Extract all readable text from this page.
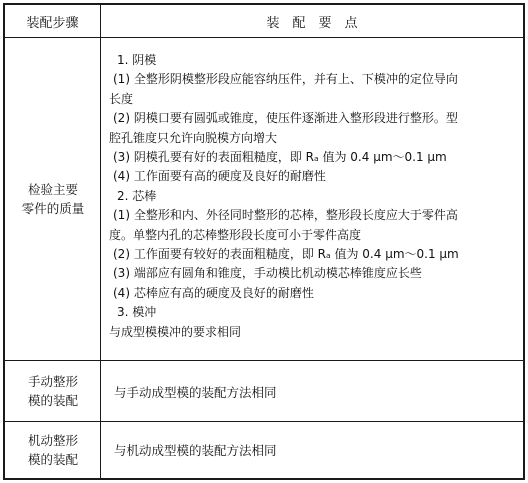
装配步骤	装　配　要　点
检验主要
零件的质量
1. 阴模
(1) 全整形阴模整形段应能容纳压件，并有上、下模冲的定位导向
长度
(2) 阴模口要有圆弧或锥度，使压件逐渐进入整形段进行整形。型
腔孔锥度只允许向脱模方向增大
(3) 阴模孔要有好的表面粗糙度，即 Rₐ 值为 0.4 μm～0.1 μm
(4) 工作面要有高的硬度及良好的耐磨性
2. 芯棒
(1) 全整形和内、外径同时整形的芯棒，整形段长度应大于零件高
度。单整内孔的芯棒整形段长度可小于零件高度
(2) 工作面要有较好的表面粗糙度，即 Rₐ 值为 0.4 μm～0.1 μm
(3) 端部应有圆角和锥度，手动模比机动模芯棒锥度应长些
(4) 芯棒应有高的硬度及良好的耐磨性
3. 模冲
与成型模模冲的要求相同
手动整形
模的装配
与手动成型模的装配方法相同
机动整形
模的装配
与机动成型模的装配方法相同
